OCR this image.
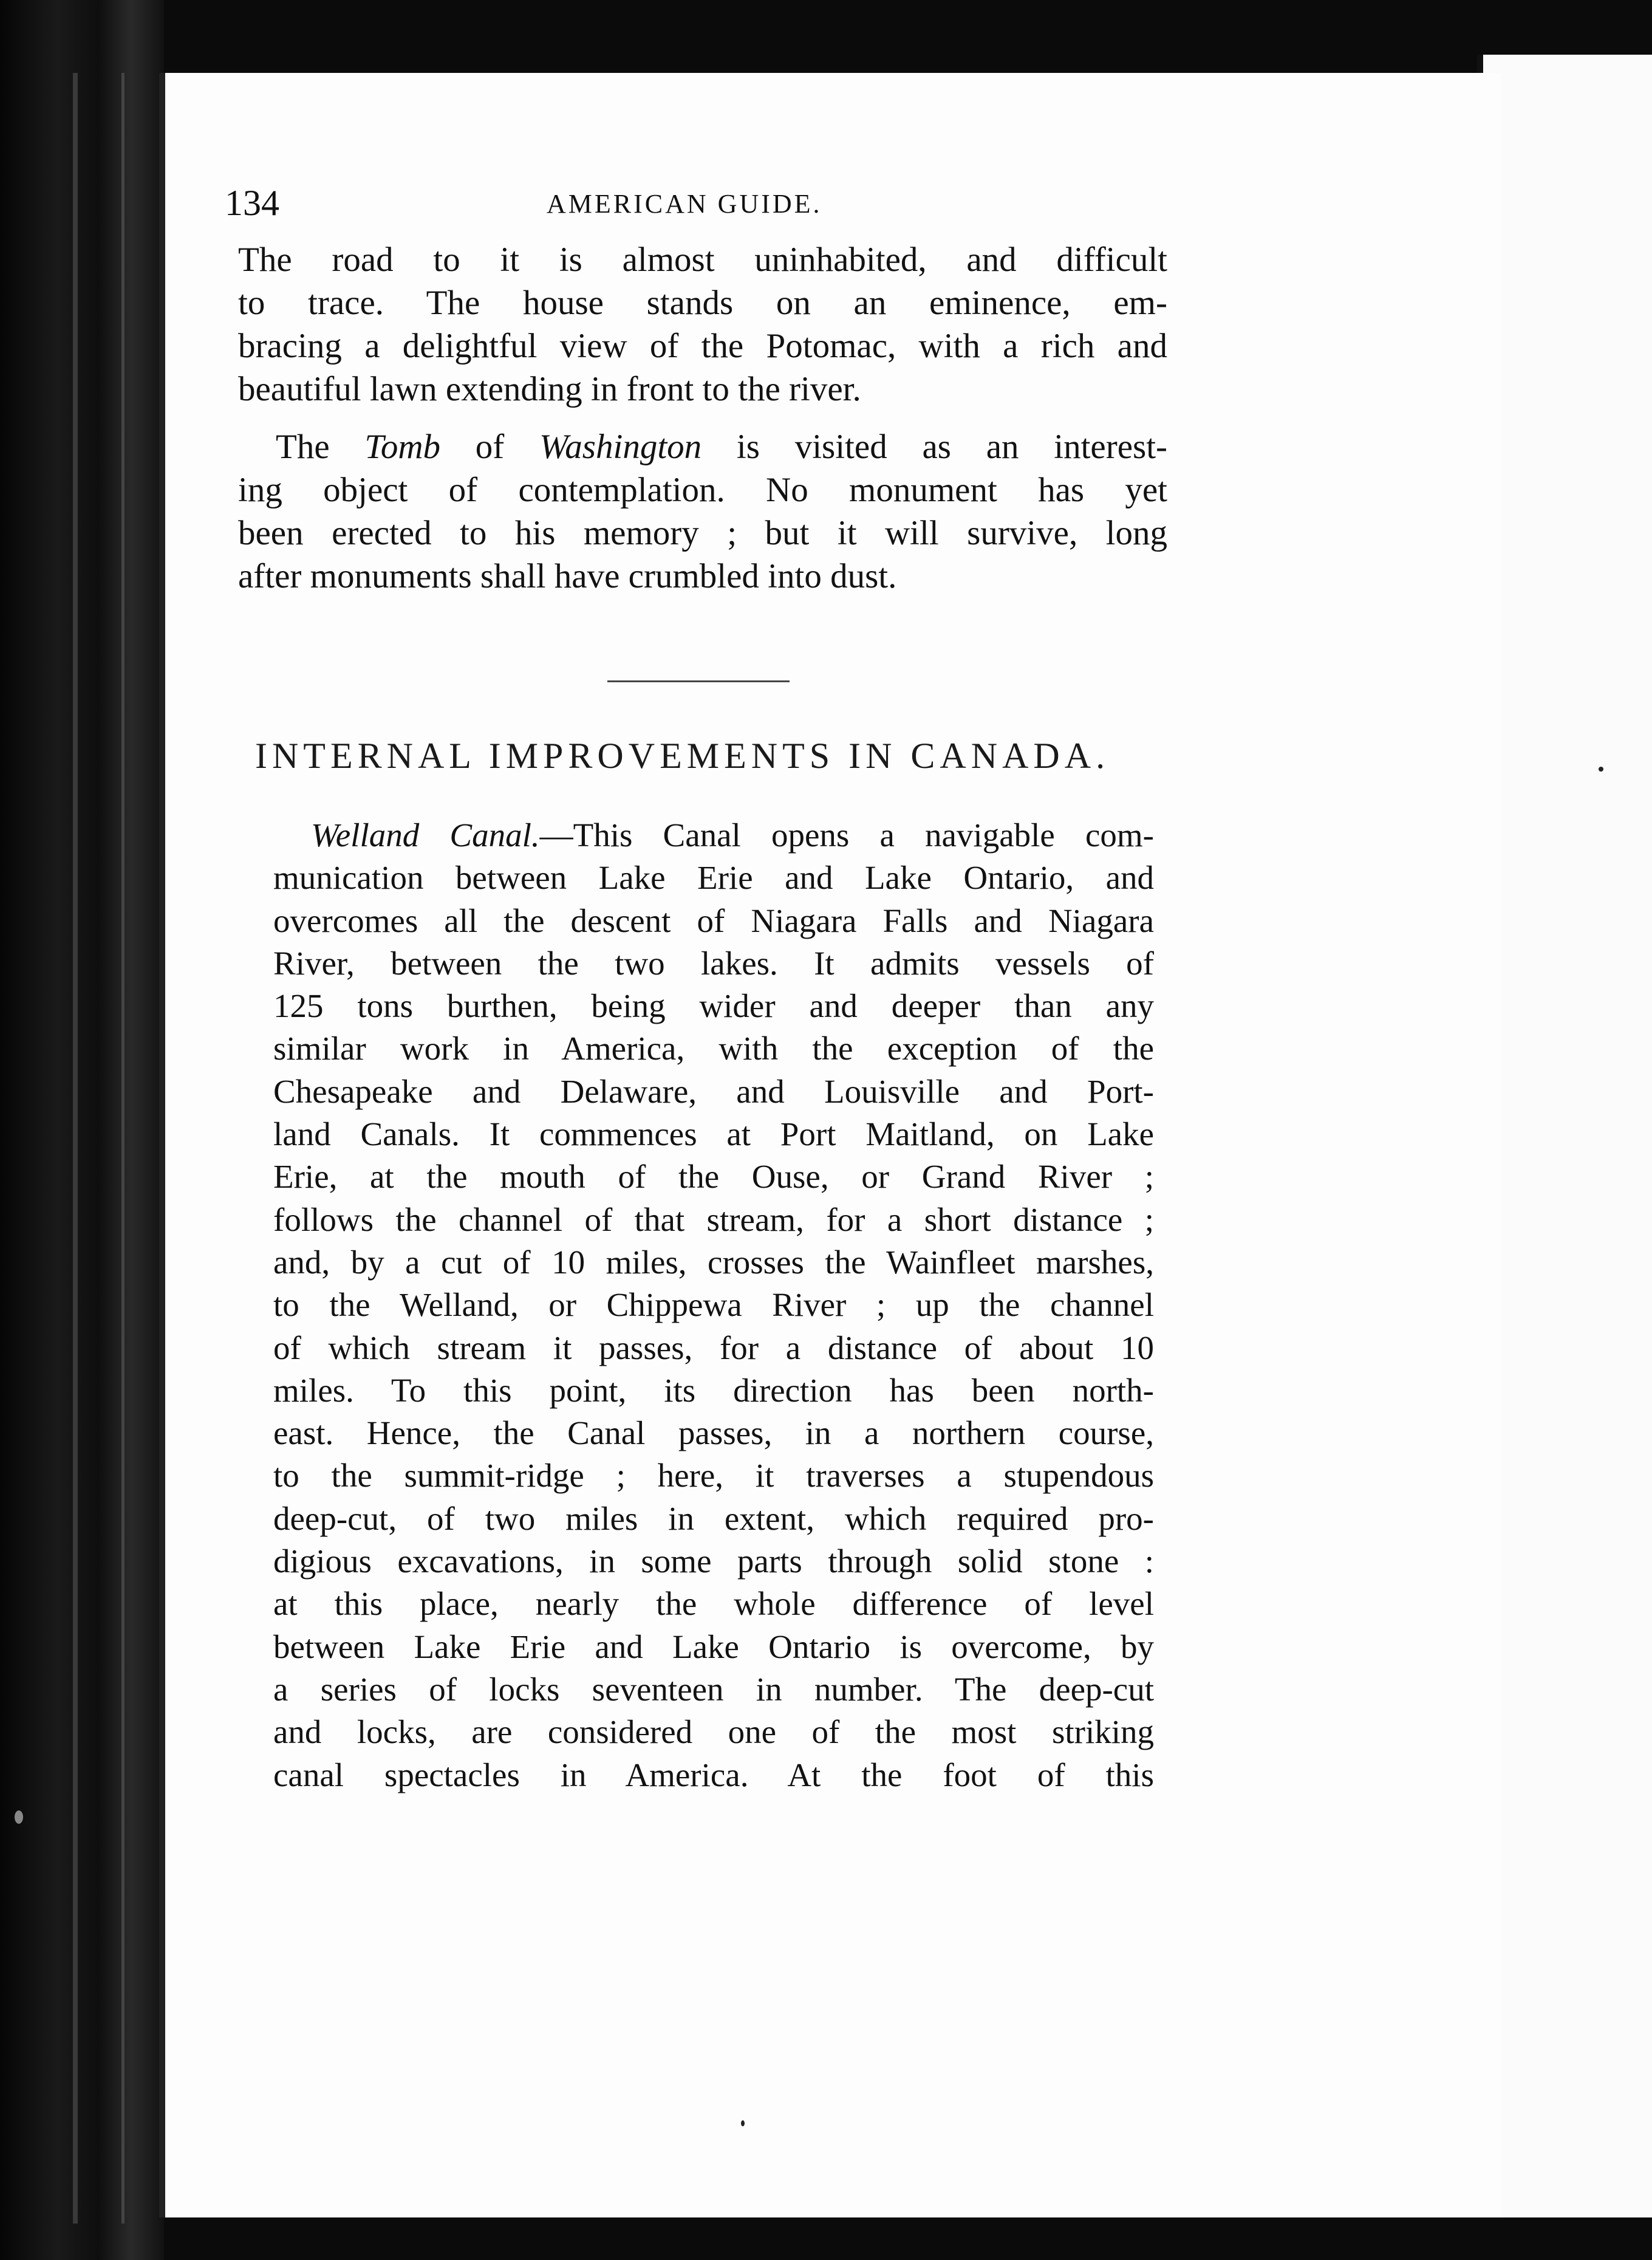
134	AMERICAN GUIDE.
The road to it is almost uninhabited, and difficult
to trace. The house stands on an eminence, em-
bracing a delightful view of the Potomac, with a rich and
beautiful lawn extending in front to the river.
The Tomb of Washington is visited as an interest-
ing object of contemplation. No monument has yet
been erected to his memory ; but it will survive, long
after monuments shall have crumbled into dust.
INTERNAL IMPROVEMENTS IN CANADA.
Welland Canal.—This Canal opens a navigable com-
munication between Lake Erie and Lake Ontario, and
overcomes all the descent of Niagara Falls and Niagara
River, between the two lakes. It admits vessels of
125 tons burthen, being wider and deeper than any
similar work in America, with the exception of the
Chesapeake and Delaware, and Louisville and Port-
land Canals. It commences at Port Maitland, on Lake
Erie, at the mouth of the Ouse, or Grand River ;
follows the channel of that stream, for a short distance ;
and, by a cut of 10 miles, crosses the Wainfleet marshes,
to the Welland, or Chippewa River ; up the channel
of which stream it passes, for a distance of about 10
miles. To this point, its direction has been north-
east. Hence, the Canal passes, in a northern course,
to the summit-ridge ; here, it traverses a stupendous
deep-cut, of two miles in extent, which required pro-
digious excavations, in some parts through solid stone :
at this place, nearly the whole difference of level
between Lake Erie and Lake Ontario is overcome, by
a series of locks seventeen in number. The deep-cut
and locks, are considered one of the most striking
canal spectacles in America. At the foot of this
